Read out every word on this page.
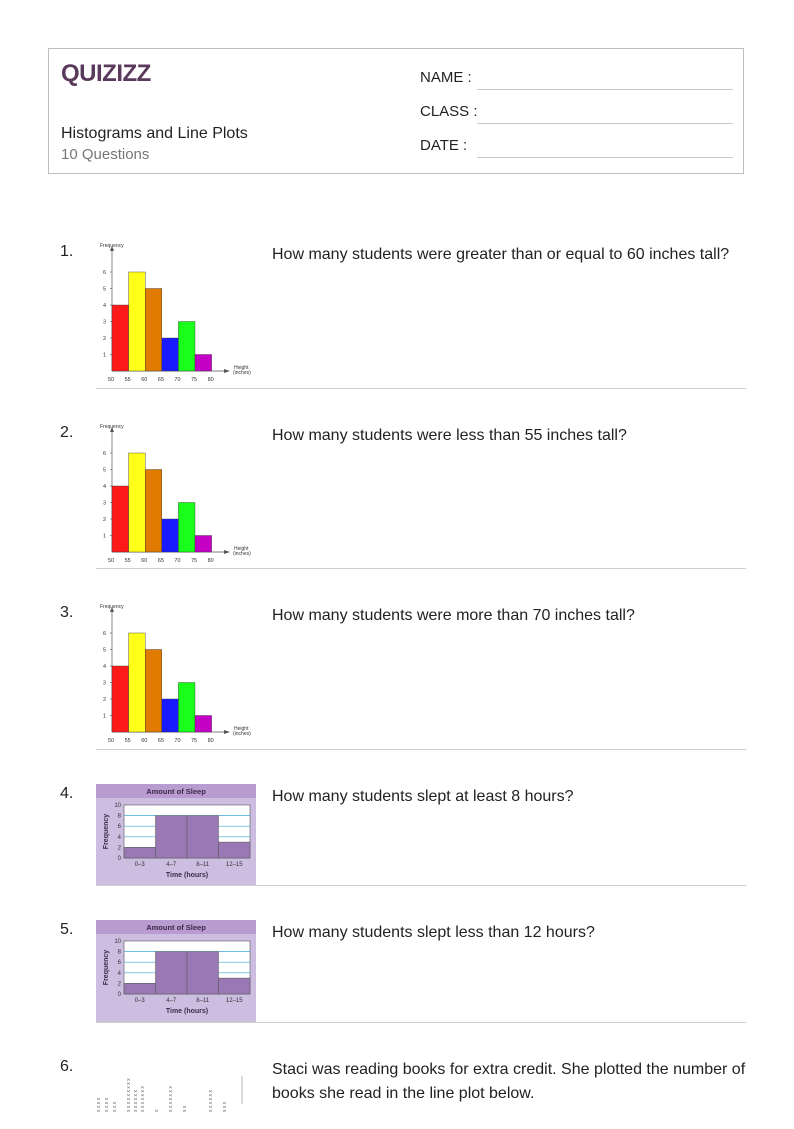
QUIZIZZ
Histograms and Line Plots
10 Questions
NAME :
CLASS :
DATE :
1.	Frequency
Height
(inches)
1
2
3
4
5
6
50 55 60 65 70 75 80
How many students were greater than or equal to 60 inches tall?
2.	Frequency
Height
(inches)
1
2
3
4
5
6
50 55 60 65 70 75 80
How many students were less than 55 inches tall?
3.	Frequency
Height
(inches)
1
2
3
4
5
6
50 55 60 65 70 75 80
How many students were more than 70 inches tall?
4.	Amount of Sleep
0
2
4
6
8
10
0–3	4–7	8–11	12–15
Time (hours)
Frequency
How many students slept at least 8 hours?
5.	Amount of Sleep
0
2
4
6
8
10
0–3	4–7	8–11	12–15
Time (hours)
Frequency
How many students slept less than 12 hours?
6.
x x x x x x x x x x x x x x x x x x x x x x x x x x x x x x x x x x x x x x x x x x x	x x x x x x x x x
Staci was reading books for extra credit. She plotted the number of books she read in the line plot below.
